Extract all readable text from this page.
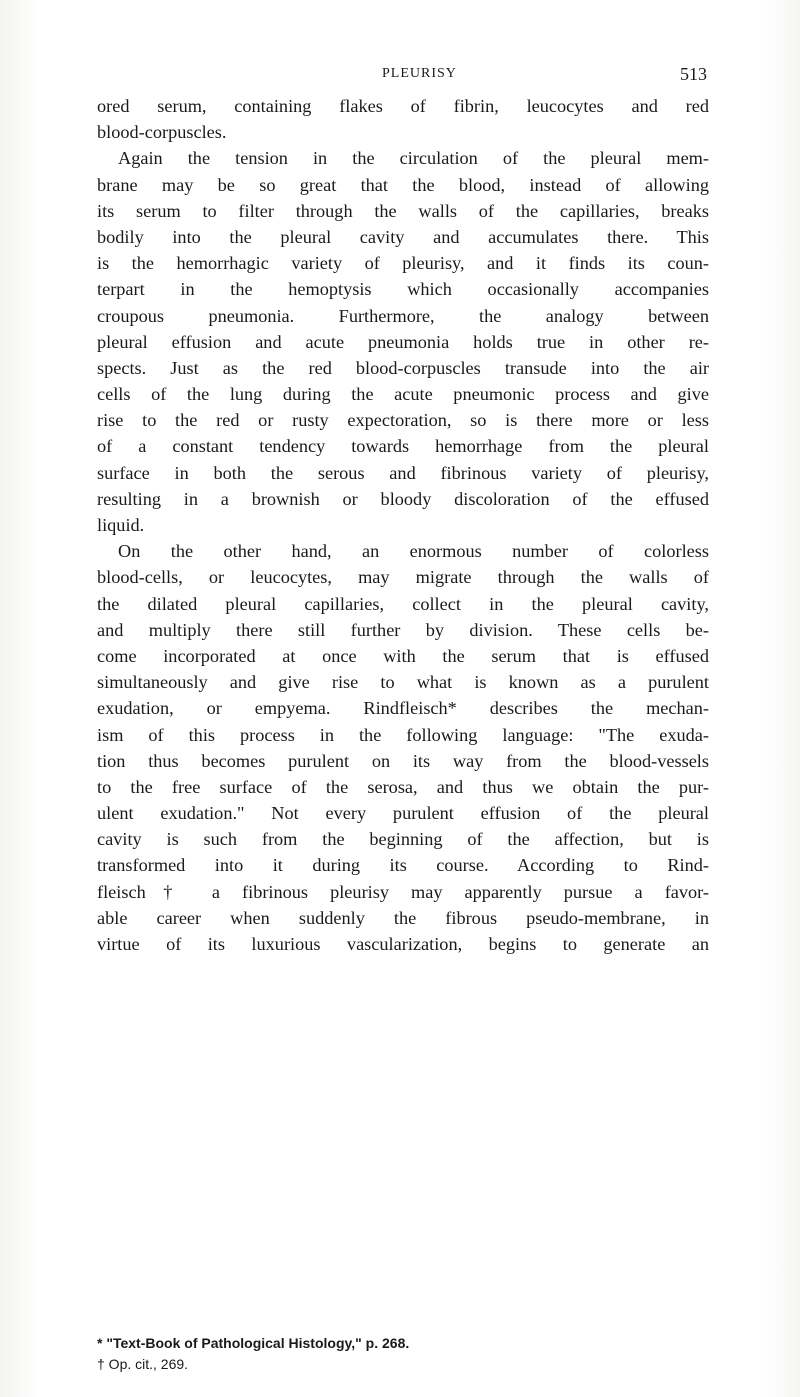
PLEURISY	513
ored serum, containing flakes of fibrin, leucocytes and red
blood-corpuscles.
Again the tension in the circulation of the pleural mem-
brane may be so great that the blood, instead of allowing
its serum to filter through the walls of the capillaries, breaks
bodily into the pleural cavity and accumulates there. This
is the hemorrhagic variety of pleurisy, and it finds its coun-
terpart in the hemoptysis which occasionally accompanies
croupous pneumonia. Furthermore, the analogy between
pleural effusion and acute pneumonia holds true in other re-
spects. Just as the red blood-corpuscles transude into the air
cells of the lung during the acute pneumonic process and give
rise to the red or rusty expectoration, so is there more or less
of a constant tendency towards hemorrhage from the pleural
surface in both the serous and fibrinous variety of pleurisy,
resulting in a brownish or bloody discoloration of the effused
liquid.
On the other hand, an enormous number of colorless
blood-cells, or leucocytes, may migrate through the walls of
the dilated pleural capillaries, collect in the pleural cavity,
and multiply there still further by division. These cells be-
come incorporated at once with the serum that is effused
simultaneously and give rise to what is known as a purulent
exudation, or empyema. Rindfleisch* describes the mechan-
ism of this process in the following language: "The exuda-
tion thus becomes purulent on its way from the blood-vessels
to the free surface of the serosa, and thus we obtain the pur-
ulent exudation." Not every purulent effusion of the pleural
cavity is such from the beginning of the affection, but is
transformed into it during its course. According to Rind-
fleisch† a fibrinous pleurisy may apparently pursue a favor-
able career when suddenly the fibrous pseudo-membrane, in
virtue of its luxurious vascularization, begins to generate an
* "Text-Book of Pathological Histology," p. 268.
† Op. cit., 269.
